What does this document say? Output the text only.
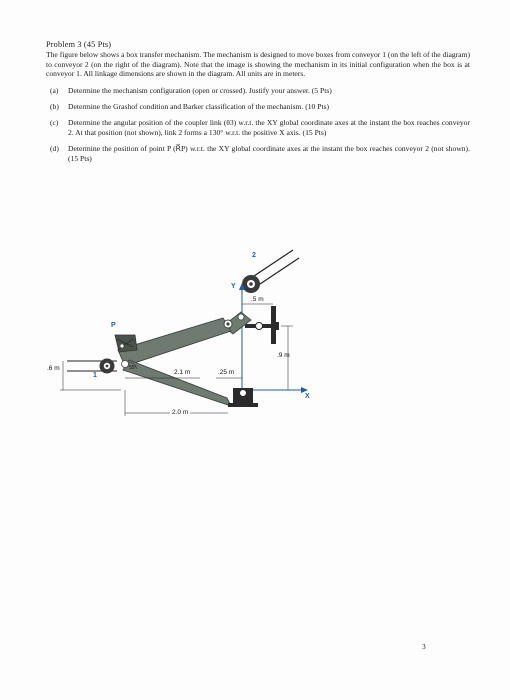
Problem 3 (45 Pts)
The figure below shows a box transfer mechanism. The mechanism is designed to move boxes from conveyor 1 (on the left of the diagram) to conveyor 2 (on the right of the diagram). Note that the image is showing the mechanism in its initial configuration when the box is at conveyor 1. All linkage dimensions are shown in the diagram. All units are in meters.
(a)	Determine the mechanism configuration (open or crossed). Justify your answer. (5 Pts)
(b)	Determine the Grashof condition and Barker classification of the mechanism. (10 Pts)
(c)	Determine the angular position of the coupler link (θ3) w.r.t. the XY global coordinate axes at the instant the box reaches conveyor 2. At that position (not shown), link 2 forms a 130° w.r.t. the positive X axis. (15 Pts)
(d)	Determine the position of point P (R⃗P) w.r.t. the XY global coordinate axes at the instant the box reaches conveyor 2 (not shown). (15 Pts)
2
1
P
Y
X
.6 m
2.1 m	.25 m
.5 m
.9 m
2.0 m
55°
3
